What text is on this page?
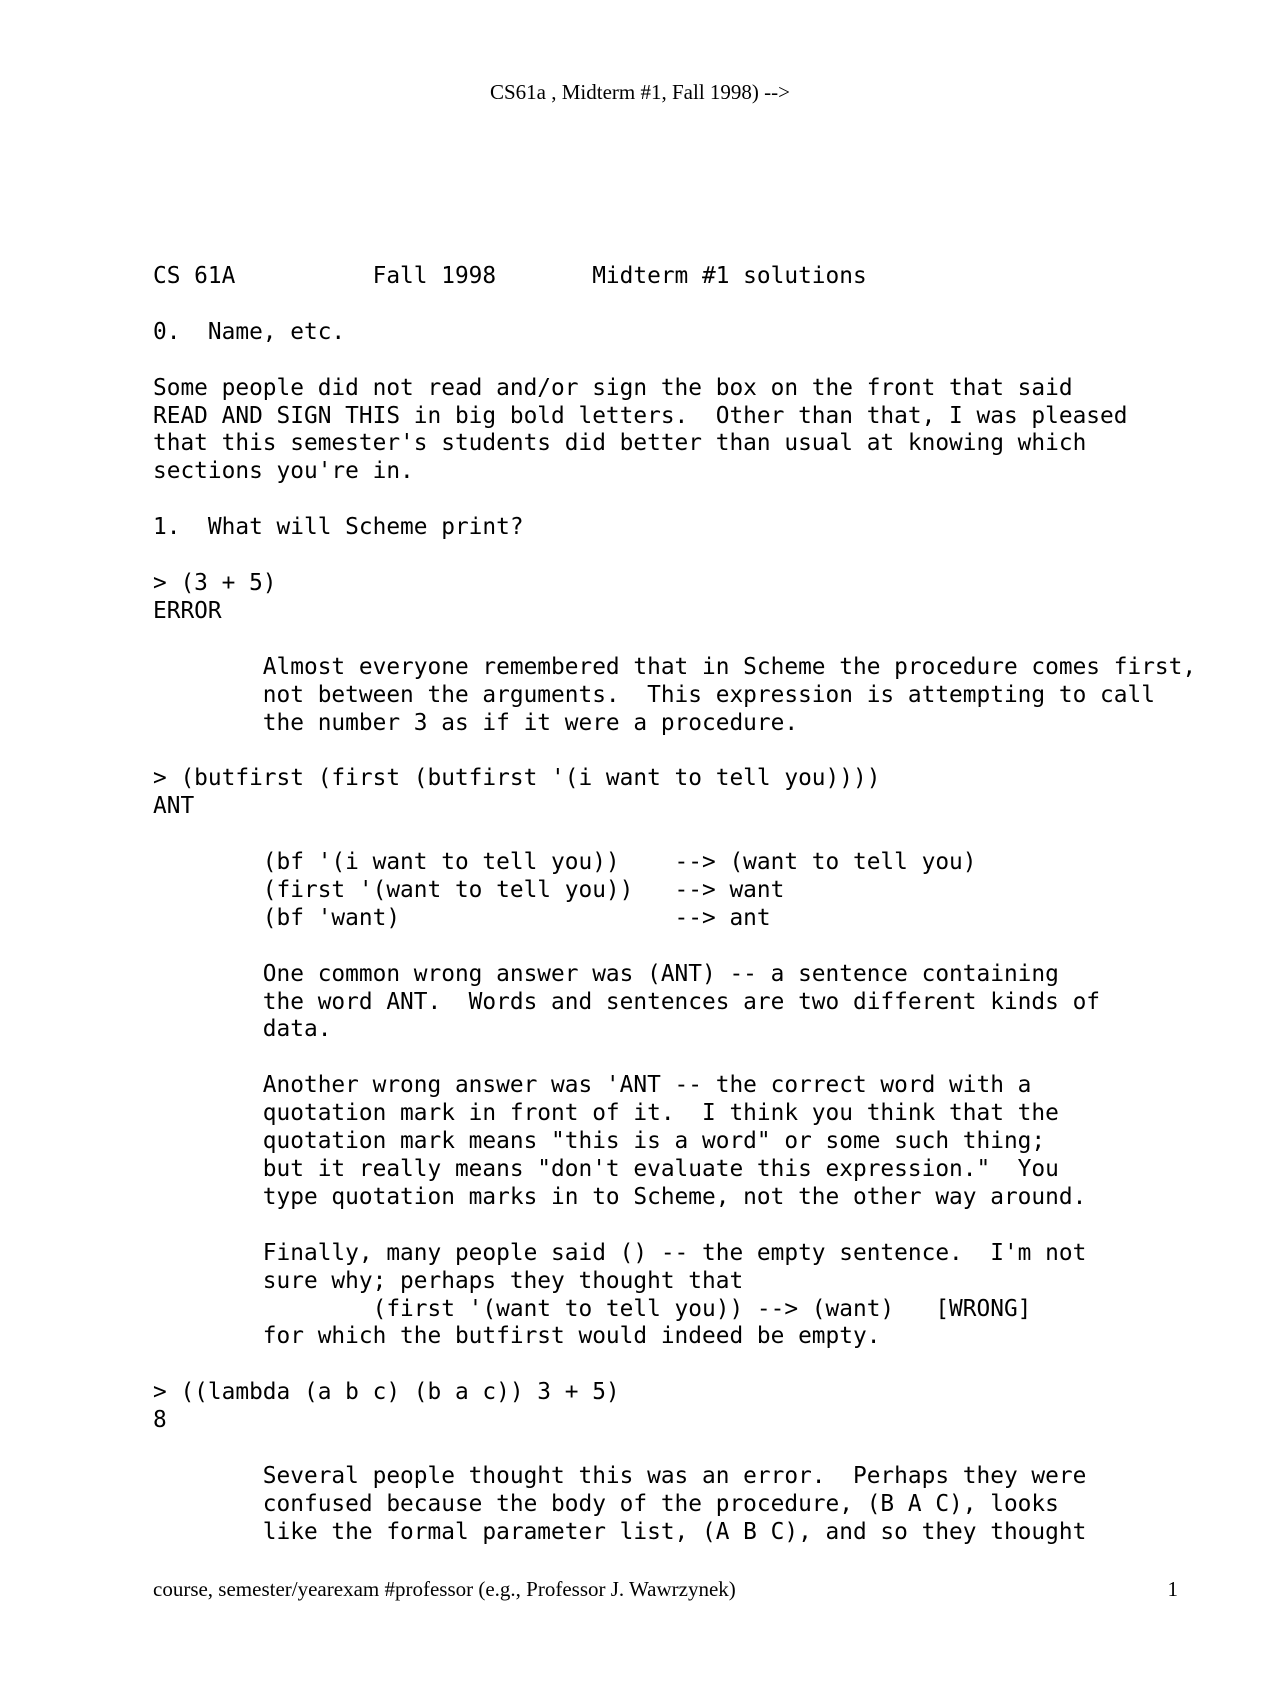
CS61a , Midterm #1, Fall 1998) -->
CS 61A          Fall 1998       Midterm #1 solutions

0.  Name, etc.

Some people did not read and/or sign the box on the front that said
READ AND SIGN THIS in big bold letters.  Other than that, I was pleased
that this semester's students did better than usual at knowing which
sections you're in.

1.  What will Scheme print?

> (3 + 5)
ERROR

Almost everyone remembered that in Scheme the procedure comes first,
not between the arguments.  This expression is attempting to call
the number 3 as if it were a procedure.

> (butfirst (first (butfirst '(i want to tell you))))
ANT

(bf '(i want to tell you))    --> (want to tell you)
(first '(want to tell you))   --> want
(bf 'want)                    --> ant

One common wrong answer was (ANT) -- a sentence containing
the word ANT.  Words and sentences are two different kinds of
data.

Another wrong answer was 'ANT -- the correct word with a
quotation mark in front of it.  I think you think that the
quotation mark means "this is a word" or some such thing;
but it really means "don't evaluate this expression."  You
type quotation marks in to Scheme, not the other way around.

Finally, many people said () -- the empty sentence.  I'm not
sure why; perhaps they thought that
(first '(want to tell you)) --> (want)   [WRONG]
for which the butfirst would indeed be empty.

> ((lambda (a b c) (b a c)) 3 + 5)
8

Several people thought this was an error.  Perhaps they were
confused because the body of the procedure, (B A C), looks
like the formal parameter list, (A B C), and so they thought
course, semester/yearexam #professor (e.g., Professor J. Wawrzynek)	1
